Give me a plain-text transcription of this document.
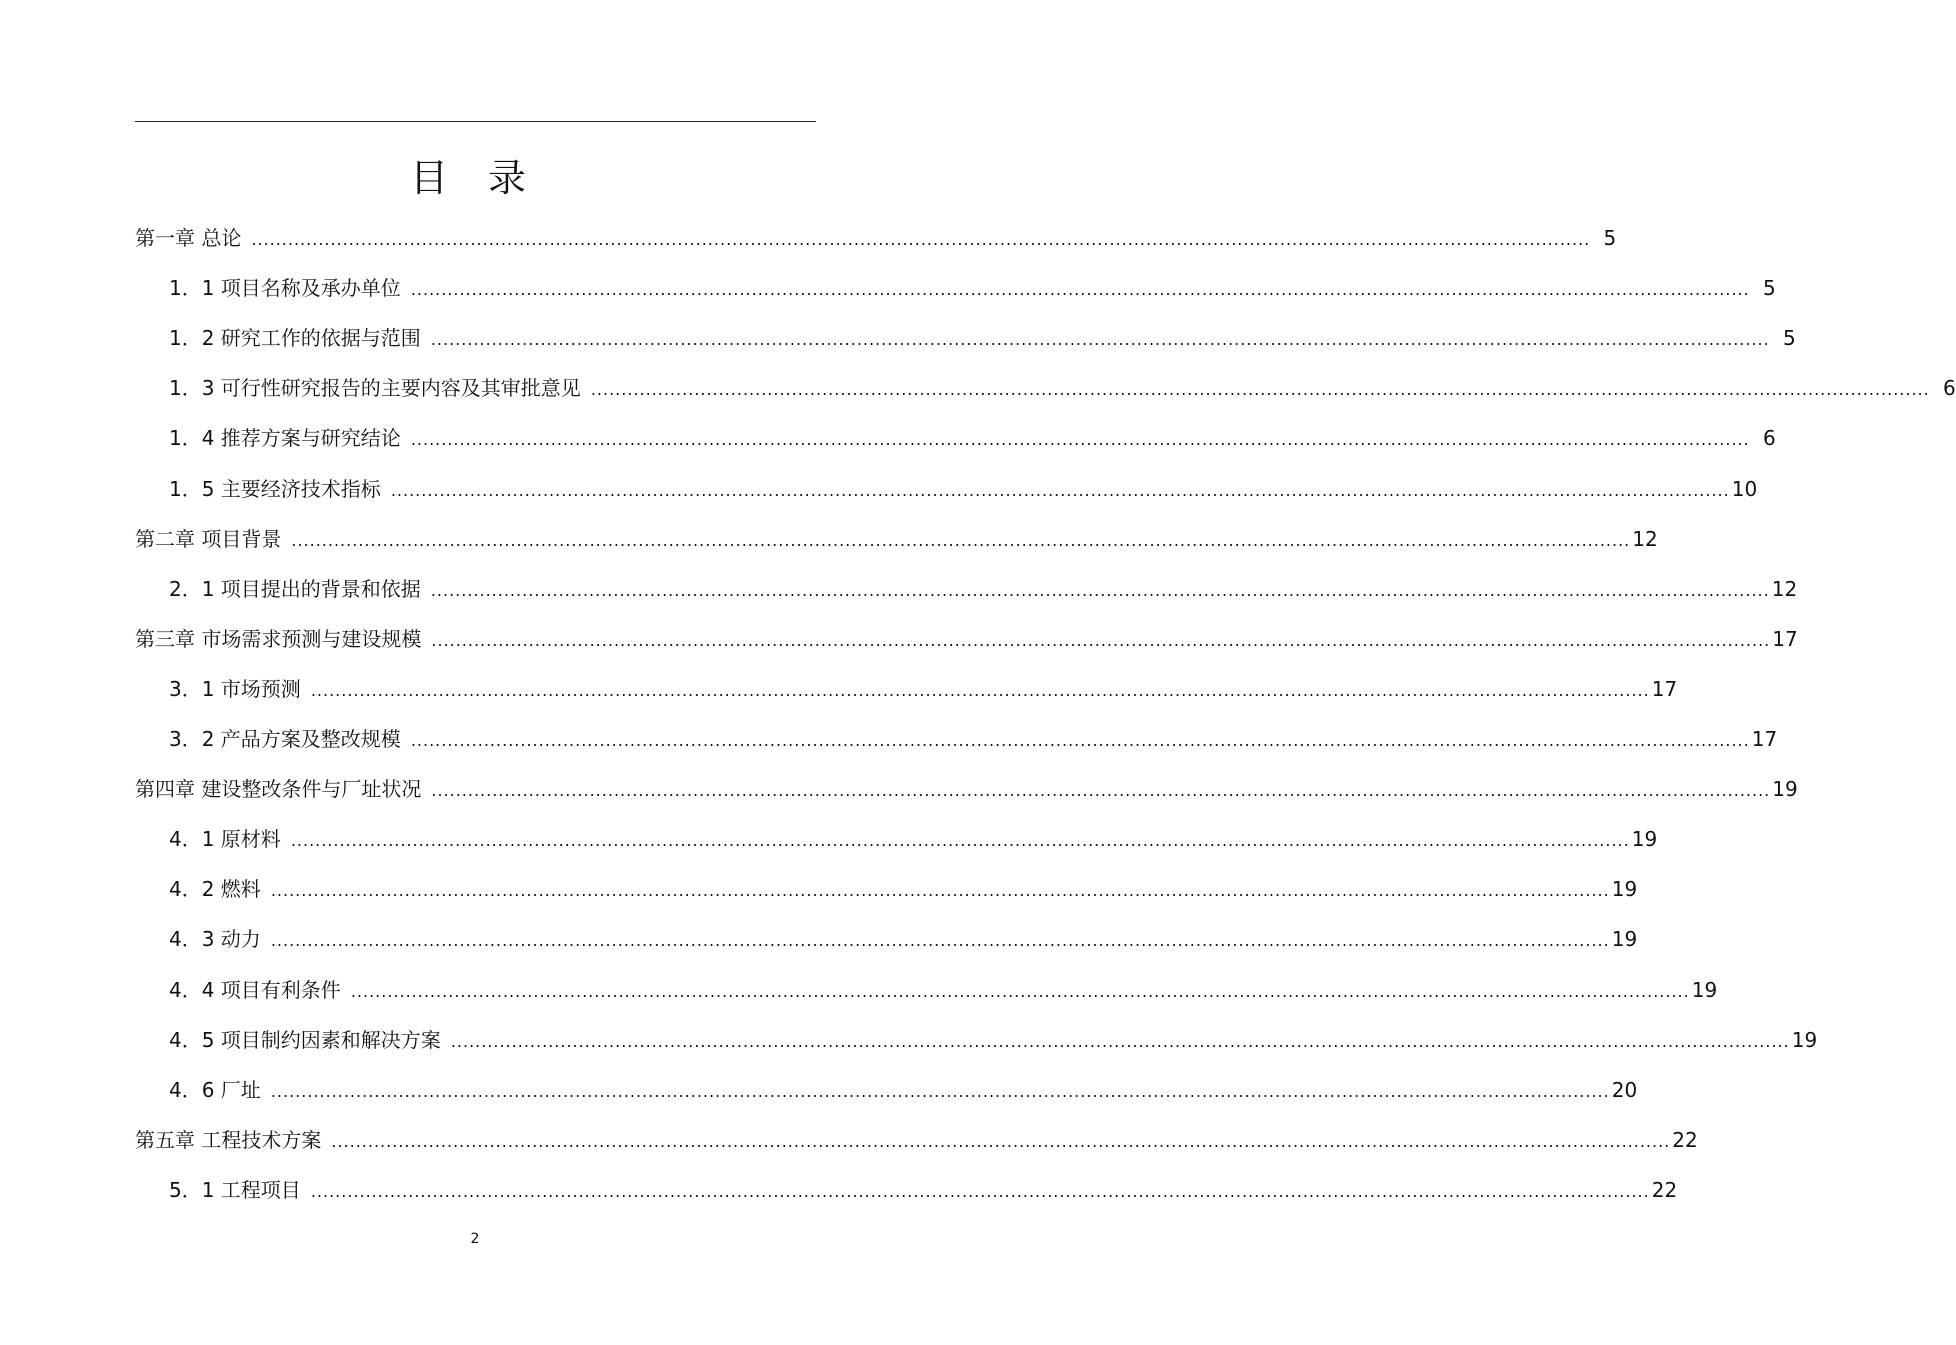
目 录
第一章 总论 ............................................................................................................................................................................................................................ 5
1．1 项目名称及承办单位 ............................................................................................................................................................................................................................ 5
1．2 研究工作的依据与范围 ............................................................................................................................................................................................................................ 5
1．3 可行性研究报告的主要内容及其审批意见 ............................................................................................................................................................................................................................ 6
1．4 推荐方案与研究结论 ............................................................................................................................................................................................................................ 6
1．5 主要经济技术指标 ............................................................................................................................................................................................................................ 10
第二章 项目背景 ............................................................................................................................................................................................................................ 12
2．1 项目提出的背景和依据 ............................................................................................................................................................................................................................ 12
第三章 市场需求预测与建设规模 ............................................................................................................................................................................................................................ 17
3．1 市场预测 ............................................................................................................................................................................................................................ 17
3．2 产品方案及整改规模 ............................................................................................................................................................................................................................ 17
第四章 建设整改条件与厂址状况 ............................................................................................................................................................................................................................ 19
4．1 原材料 ............................................................................................................................................................................................................................ 19
4．2 燃料 ............................................................................................................................................................................................................................ 19
4．3 动力 ............................................................................................................................................................................................................................ 19
4．4 项目有利条件 ............................................................................................................................................................................................................................ 19
4．5 项目制约因素和解决方案 ............................................................................................................................................................................................................................ 19
4．6 厂址 ............................................................................................................................................................................................................................ 20
第五章 工程技术方案 ............................................................................................................................................................................................................................ 22
5．1 工程项目 ............................................................................................................................................................................................................................ 22
2
